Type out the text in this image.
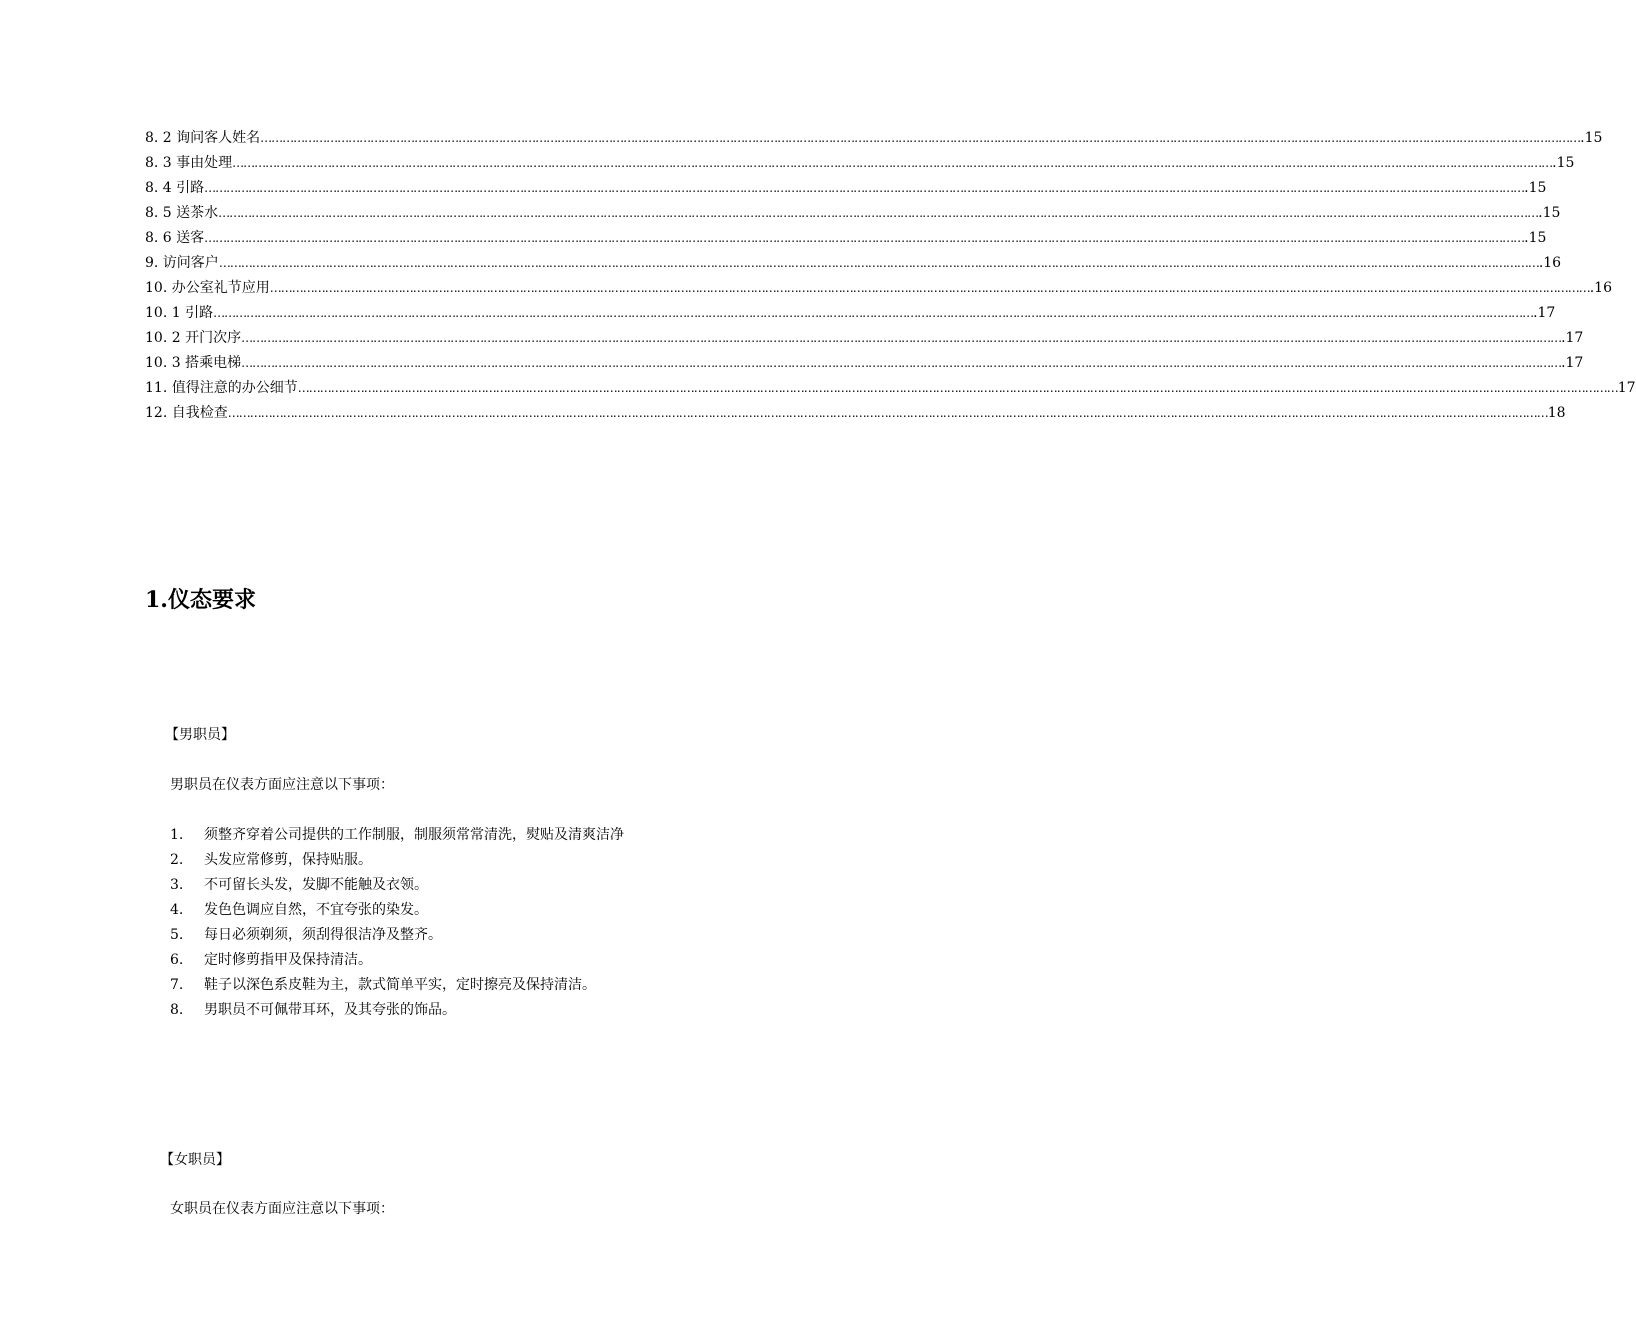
8. 2 询问客人姓名 ……………………………………………………………………………………………………………………………………………………………………………………………………………………………………………………………………………………………………………………………… .15
8. 3 事由处理 ……………………………………………………………………………………………………………………………………………………………………………………………………………………………………………………………………………………………………………………………… .15
8. 4 引路 ……………………………………………………………………………………………………………………………………………………………………………………………………………………………………………………………………………………………………………………………… .15
8. 5 送茶水 ……………………………………………………………………………………………………………………………………………………………………………………………………………………………………………………………………………………………………………………………… .15
8. 6 送客 ……………………………………………………………………………………………………………………………………………………………………………………………………………………………………………………………………………………………………………………………… .15
9. 访问客户 ……………………………………………………………………………………………………………………………………………………………………………………………………………………………………………………………………………………………………………………………… .16
10. 办公室礼节应用 ……………………………………………………………………………………………………………………………………………………………………………………………………………………………………………………………………………………………………………………………… .16
10. 1 引路 ……………………………………………………………………………………………………………………………………………………………………………………………………………………………………………………………………………………………………………………………… .17
10. 2 开门次序 ……………………………………………………………………………………………………………………………………………………………………………………………………………………………………………………………………………………………………………………………… .17
10. 3 搭乘电梯 ……………………………………………………………………………………………………………………………………………………………………………………………………………………………………………………………………………………………………………………………… .17
11. 值得注意的办公细节 ……………………………………………………………………………………………………………………………………………………………………………………………………………………………………………………………………………………………………………………………… 17
12. 自我检查 ……………………………………………………………………………………………………………………………………………………………………………………………………………………………………………………………………………………………………………………………… 18
1.仪态要求
【男职员】
男职员在仪表方面应注意以下事项：
1.	须整齐穿着公司提供的工作制服，制服须常常清洗，熨贴及清爽洁净
2.	头发应常修剪，保持贴服。
3.	不可留长头发，发脚不能触及衣领。
4.	发色色调应自然，不宜夸张的染发。
5.	每日必须剃须，须刮得很洁净及整齐。
6.	定时修剪指甲及保持清洁。
7.	鞋子以深色系皮鞋为主，款式简单平实，定时擦亮及保持清洁。
8.	男职员不可佩带耳环，及其夸张的饰品。
【女职员】
女职员在仪表方面应注意以下事项：
